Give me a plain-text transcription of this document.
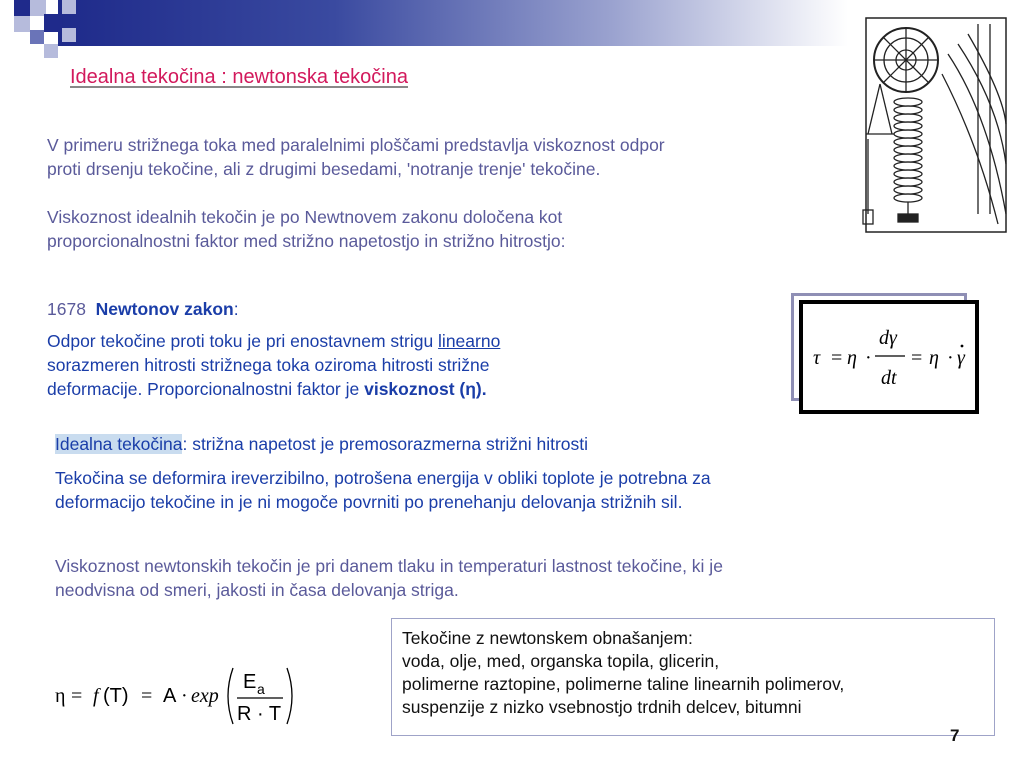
Idealna tekočina : newtonska tekočina
V primeru strižnega toka med paralelnimi ploščami predstavlja viskoznost odpor
proti drsenju tekočine, ali z drugimi besedami, 'notranje trenje' tekočine.
Viskoznost idealnih tekočin je po Newtnovem zakonu določena kot
proporcionalnostni faktor med strižno napetostjo in strižno hitrostjo:
1678 Newtonov zakon:
Odpor tekočine proti toku je pri enostavnem strigu linearno
sorazmeren hitrosti strižnega toka oziroma hitrosti strižne
deformacije. Proporcionalnostni faktor je viskoznost (η).
τ = η ·
dγ
dt
= η · γ
Idealna tekočina: strižna napetost je premosorazmerna strižni hitrosti
Tekočina se deformira ireverzibilno, potrošena energija v obliki toplote je potrebna za
deformacijo tekočine in je ni mogoče povrniti po prenehanju delovanja strižnih sil.
Viskoznost newtonskih tekočin je pri danem tlaku in temperaturi lastnost tekočine, ki je
neodvisna od smeri, jakosti in časa delovanja striga.
η = f (T) = A · exp
E a
R · T
Tekočine z newtonskem obnašanjem:
voda, olje, med, organska topila, glicerin,
polimerne raztopine, polimerne taline linearnih polimerov,
suspenzije z nizko vsebnostjo trdnih delcev, bitumni
7
